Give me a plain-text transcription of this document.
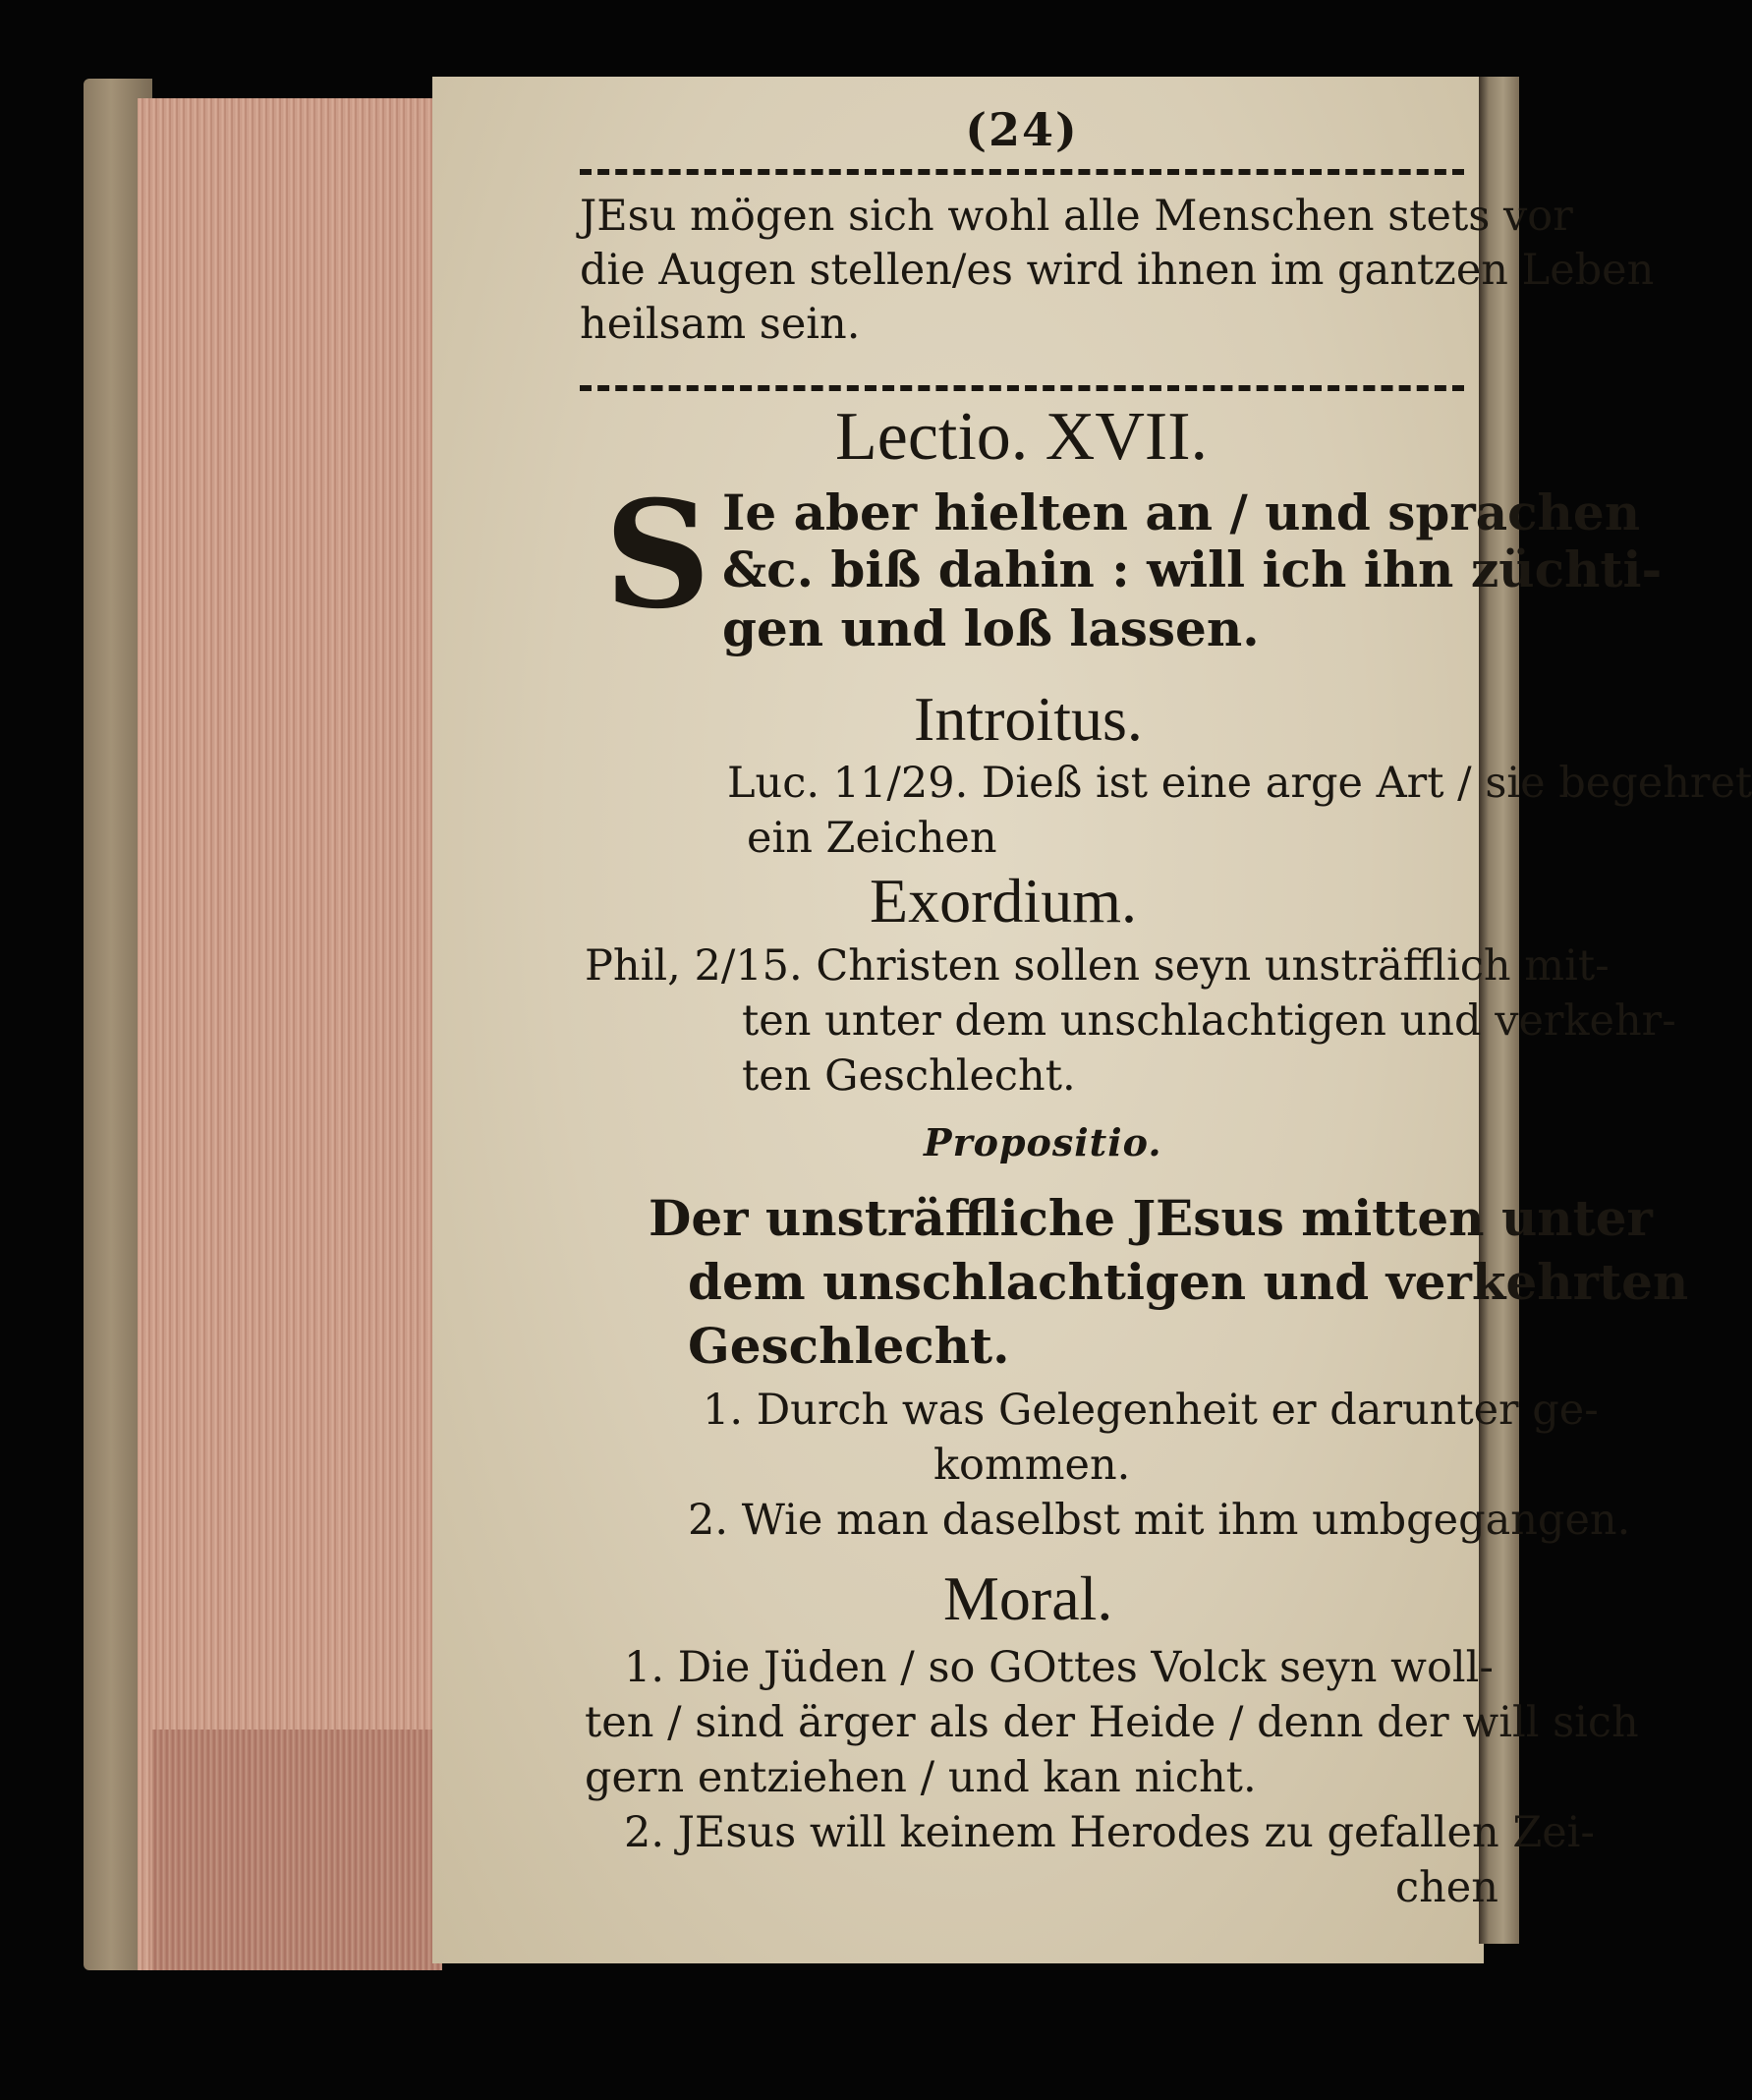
(24)
JEsu mögen sich wohl alle Menschen stets vor
die Augen stellen/es wird ihnen im gantzen Leben
heilsam sein.
Lectio. XVII.
S Ie aber hielten an / und sprachen
&c. biß dahin : will ich ihn züchti-
gen und loß lassen.
Introitus.
Luc. 11/29. Dieß ist eine arge Art / sie begehret
ein Zeichen
Exordium.
Phil, 2/15. Christen sollen seyn unsträfflich mit-
ten unter dem unschlachtigen und verkehr-
ten Geschlecht.
Propositio.
Der unsträffliche JEsus mitten unter
dem unschlachtigen und verkehrten
Geschlecht.
1. Durch was Gelegenheit er darunter ge-
kommen.
2. Wie man daselbst mit ihm umbgegangen.
Moral.
1. Die Jüden / so GOttes Volck seyn woll-
ten / sind ärger als der Heide / denn der will sich
gern entziehen / und kan nicht.
2. JEsus will keinem Herodes zu gefallen Zei-
chen
